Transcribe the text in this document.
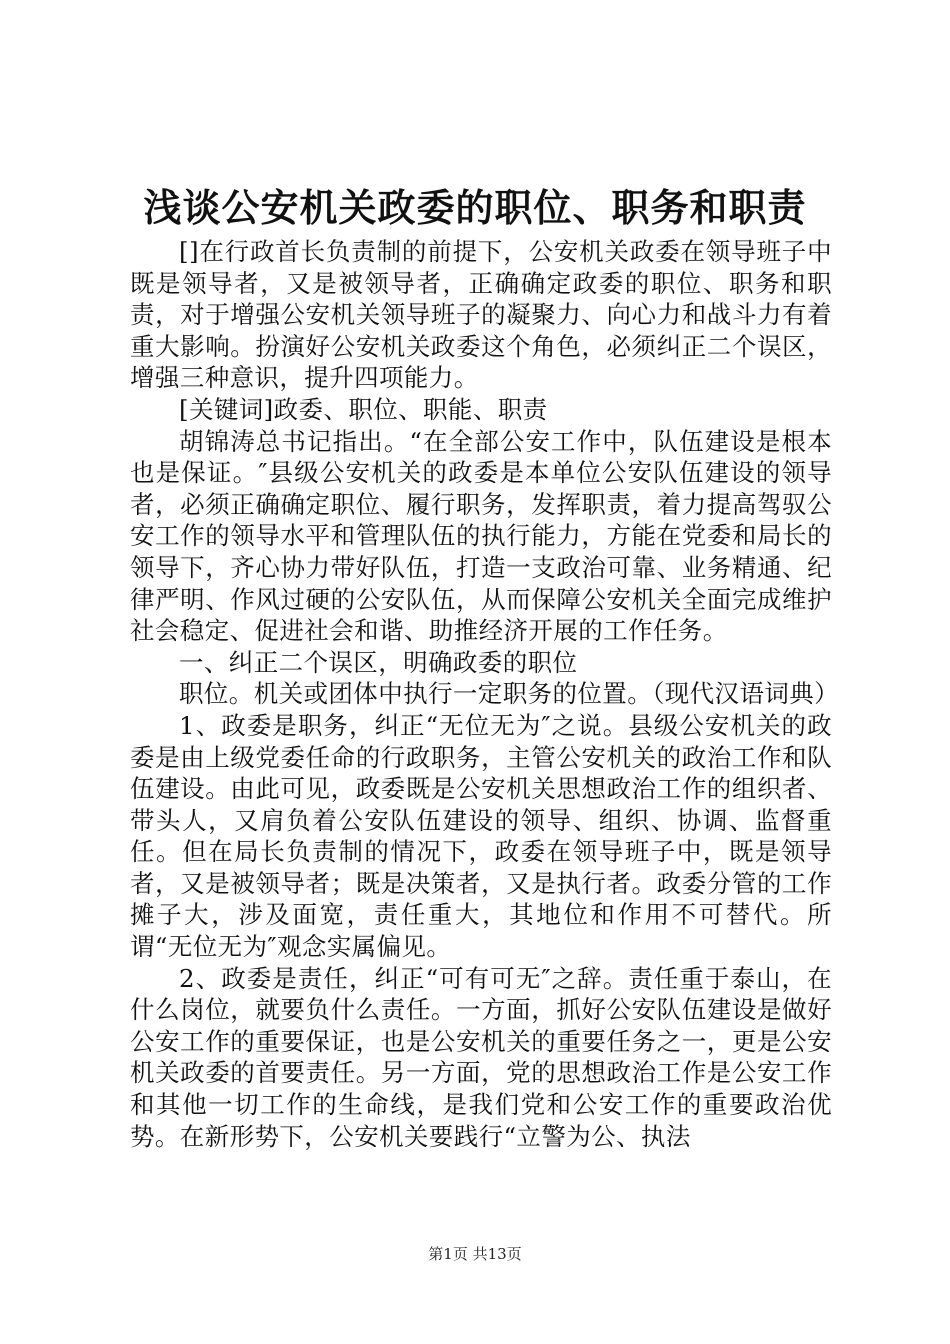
浅谈公安机关政委的职位、职务和职责

[]在行政首长负责制的前提下，公安机关政委在领导班子中既是领导者，又是被领导者，正确确定政委的职位、职务和职责，对于增强公安机关领导班子的凝聚力、向心力和战斗力有着重大影响。扮演好公安机关政委这个角色，必须纠正二个误区，增强三种意识，提升四项能力。

[关键词]政委、职位、职能、职责

胡锦涛总书记指出。“在全部公安工作中，队伍建设是根本也是保证。″县级公安机关的政委是本单位公安队伍建设的领导者，必须正确确定职位、履行职务，发挥职责，着力提高驾驭公安工作的领导水平和管理队伍的执行能力，方能在党委和局长的领导下，齐心协力带好队伍，打造一支政治可靠、业务精通、纪律严明、作风过硬的公安队伍，从而保障公安机关全面完成维护社会稳定、促进社会和谐、助推经济开展的工作任务。

一、纠正二个误区，明确政委的职位

职位。机关或团体中执行一定职务的位置。（现代汉语词典）

1、政委是职务，纠正“无位无为″之说。县级公安机关的政委是由上级党委任命的行政职务，主管公安机关的政治工作和队伍建设。由此可见，政委既是公安机关思想政治工作的组织者、带头人，又肩负着公安队伍建设的领导、组织、协调、监督重任。但在局长负责制的情况下，政委在领导班子中，既是领导者，又是被领导者；既是决策者，又是执行者。政委分管的工作摊子大，涉及面宽，责任重大，其地位和作用不可替代。所谓“无位无为″观念实属偏见。

2、政委是责任，纠正“可有可无″之辞。责任重于泰山，在什么岗位，就要负什么责任。一方面，抓好公安队伍建设是做好公安工作的重要保证，也是公安机关的重要任务之一，更是公安机关政委的首要责任。另一方面，党的思想政治工作是公安工作和其他一切工作的生命线，是我们党和公安工作的重要政治优势。在新形势下，公安机关要践行“立警为公、执法

第1页 共13页
